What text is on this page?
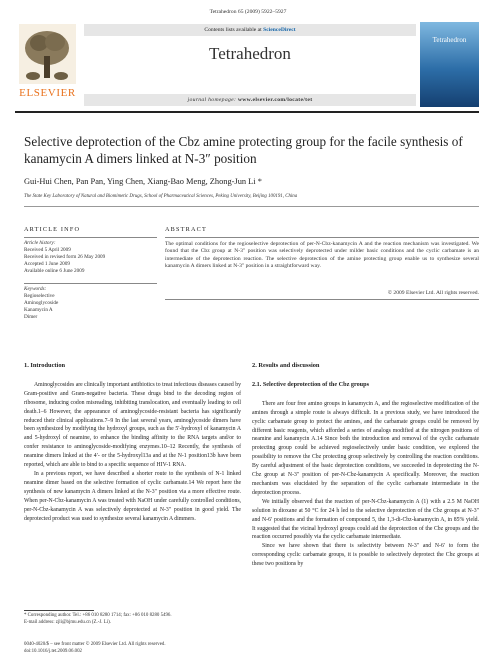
Tetrahedron 65 (2009) 5922–5927
ELSEVIER
Contents lists available at ScienceDirect
Tetrahedron
journal homepage: www.elsevier.com/locate/tet
Tetrahedron
Selective deprotection of the Cbz amine protecting group for the facile synthesis of kanamycin A dimers linked at N-3″ position
Gui-Hui Chen, Pan Pan, Ying Chen, Xiang-Bao Meng, Zhong-Jun Li *
The State Key Laboratory of Natural and Biomimetic Drugs, School of Pharmaceutical Sciences, Peking University, Beijing 100191, China
ARTICLE INFO	ABSTRACT
Article history:
Received 5 April 2009
Received in revised form 26 May 2009
Accepted 1 June 2009
Available online 6 June 2009
Keywords:
Regioselective
Aminoglycoside
Kanamycin A
Dimer
The optimal conditions for the regioselective deprotection of per-N-Cbz-kanamycin A and the reaction mechanism was investigated. We found that the Cbz group at N-3″ position was selectively deprotected under milder basic conditions and the cyclic carbamate is an intermediate of the deprotection reaction. The selective deprotection of the amine protecting group enable us to synthesize several kanamycin A dimers linked at N-3″ position in a straightforward way.
© 2009 Elsevier Ltd. All rights reserved.
1. Introduction

Aminoglycosides are clinically important antibiotics to treat infectious diseases caused by Gram-positive and Gram-negative bacteria. These drugs bind to the decoding region of ribosome, inducing codon misreading, inhibiting translocation, and eventually leading to cell death.1–6 However, the appearance of aminoglycoside-resistant bacteria has significantly reduced their clinical applications.7–9 In the last several years, aminoglycoside dimers have been synthesized by modifying the hydroxyl groups, such as the 5′-hydroxyl of kanamycin A and 5-hydroxyl of neamine, to enhance the binding affinity to the RNA targets and/or to confer resistance to aminoglycoside-modifying enzymes.10–12 Recently, the synthesis of neamine dimers linked at the 4′- or the 5-hydroxyl13a and at the N-1 position13b have been reported, which are able to bind to a specific sequence of HIV-1 RNA.

In a previous report, we have described a shorter route to the synthesis of N-1 linked neamine dimer based on the selective formation of cyclic carbamate.14 We report here the synthesis of new kanamycin A dimers linked at the N-3″ position via a more effective route. When per-N-Cbz-kanamycin A was treated with NaOH under carefully controlled conditions, per-N-Cbz-kanamycin A was selectively deprotected at N-3″ position in good yield. The deprotected product was used to synthesize several kanamycin A dimmers.

2. Results and discussion
2.1. Selective deprotection of the Cbz groups

There are four free amino groups in kanamycin A, and the regioselective modification of the amines through a simple route is always difficult. In a previous study, we have introduced the cyclic carbamate group to protect the amines, and the carbamate groups could be removed by different basic reagents, which afforded a series of analogs modified at the nitrogen positions of neamine and kanamycin A.14 Since both the introduction and removal of the cyclic carbamate protecting group could be achieved regioselectively under basic condition, we explored the possibility to remove the Cbz protecting group selectively by controlling the reaction conditions. By careful adjustment of the basic deprotection conditions, we succeeded in deprotecting the N-Cbz group at N-3″ position of per-N-Cbz-kanamycin A specifically. Moreover, the reaction mechanism was elucidated by the separation of the cyclic carbamate intermediate in the deprotection process.

We initially observed that the reaction of per-N-Cbz-kanamycin A (1) with a 2.5 M NaOH solution in dioxane at 50 °C for 24 h led to the selective deprotection of the Cbz groups at N-3″ and N-6′ positions and the formation of compound 5, the 1,3-di-Cbz-kanamycin A, in 85% yield. It suggested that the vicinal hydroxyl groups could aid the deprotection of the Cbz groups and the reaction occurred possibly via the cyclic carbamate intermediate.

Since we have shown that there is selectivity between N-3″ and N-6′ to form the corresponding cyclic carbamate groups, it is possible to selectively deprotect the Cbz groups at these two positions by

* Corresponding author. Tel.: +86 010 8280 1714; fax: +86 010 8280 5496.
E-mail address: zjli@bjmu.edu.cn (Z.-J. Li).
0040-4020/$ – see front matter © 2009 Elsevier Ltd. All rights reserved.
doi:10.1016/j.tet.2009.06.002
